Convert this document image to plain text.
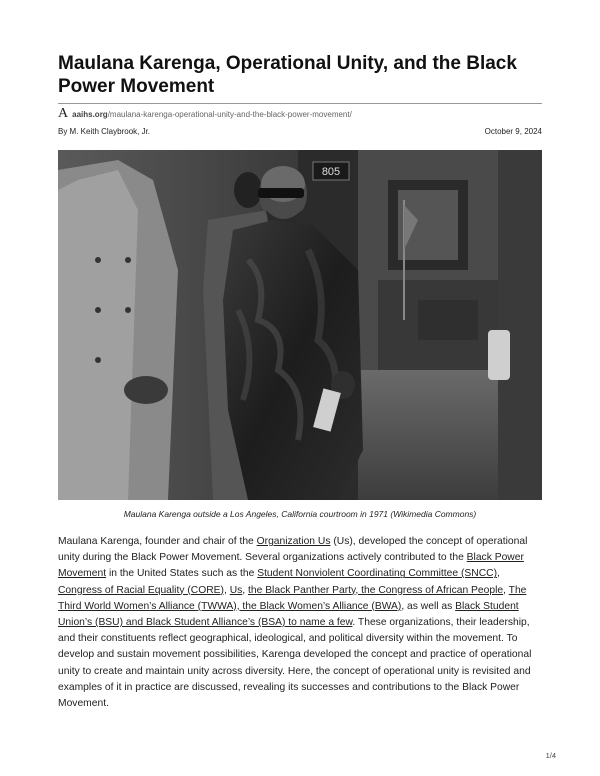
Maulana Karenga, Operational Unity, and the Black Power Movement
A aaihs.org /maulana-karenga-operational-unity-and-the-black-power-movement/
By M. Keith Claybrook, Jr.	October 9, 2024
805
Maulana Karenga outside a Los Angeles, California courtroom in 1971 (Wikimedia Commons)
Maulana Karenga, founder and chair of the Organization Us (Us), developed the concept of operational unity during the Black Power Movement. Several organizations actively contributed to the Black Power Movement in the United States such as the Student Nonviolent Coordinating Committee (SNCC), Congress of Racial Equality (CORE), Us, the Black Panther Party, the Congress of African People, The Third World Women’s Alliance (TWWA), the Black Women’s Alliance (BWA), as well as Black Student Union’s (BSU) and Black Student Alliance’s (BSA) to name a few. These organizations, their leadership, and their constituents reflect geographical, ideological, and political diversity within the movement. To develop and sustain movement possibilities, Karenga developed the concept and practice of operational unity to create and maintain unity across diversity. Here, the concept of operational unity is revisited and examples of it in practice are discussed, revealing its successes and contributions to the Black Power Movement.
1/4
